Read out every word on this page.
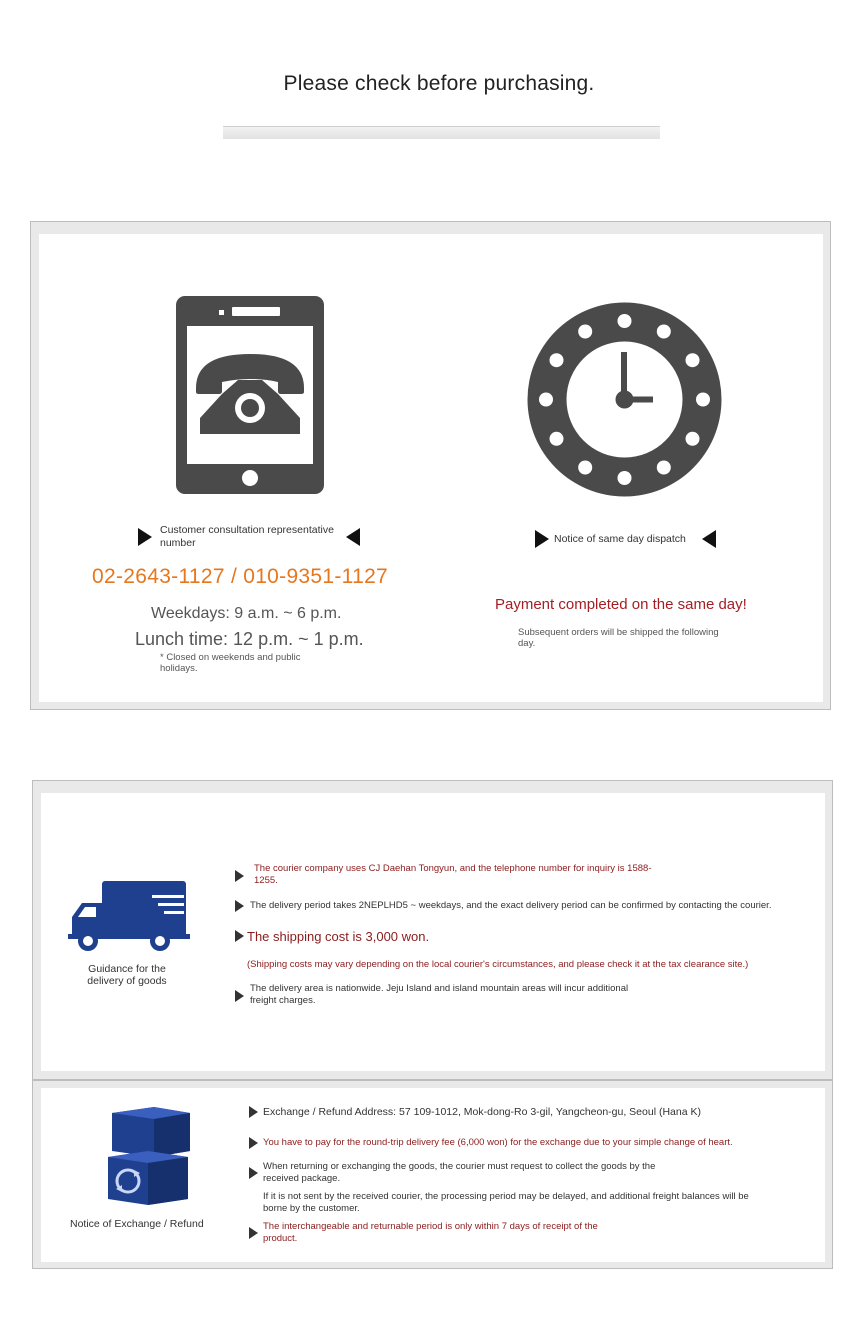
Please check before purchasing.
Customer consultation representative number
02-2643-1127 / 010-9351-1127
Weekdays: 9 a.m. ~ 6 p.m.
Lunch time: 12 p.m. ~ 1 p.m.
* Closed on weekends and public holidays.
Notice of same day dispatch
Payment completed on the same day!
Subsequent orders will be shipped the following day.
Guidance for the delivery of goods
The courier company uses CJ Daehan Tongyun, and the telephone number for inquiry is 1588-1255.
The delivery period takes 2NEPLHD5 ~ weekdays, and the exact delivery period can be confirmed by contacting the courier.
The shipping cost is 3,000 won.
(Shipping costs may vary depending on the local courier's circumstances, and please check it at the tax clearance site.)
The delivery area is nationwide. Jeju Island and island mountain areas will incur additional freight charges.
Notice of Exchange / Refund
Exchange / Refund Address: 57 109-1012, Mok-dong-Ro 3-gil, Yangcheon-gu, Seoul (Hana K)
You have to pay for the round-trip delivery fee (6,000 won) for the exchange due to your simple change of heart.
When returning or exchanging the goods, the courier must request to collect the goods by the received package.
If it is not sent by the received courier, the processing period may be delayed, and additional freight balances will be borne by the customer.
The interchangeable and returnable period is only within 7 days of receipt of the product.
